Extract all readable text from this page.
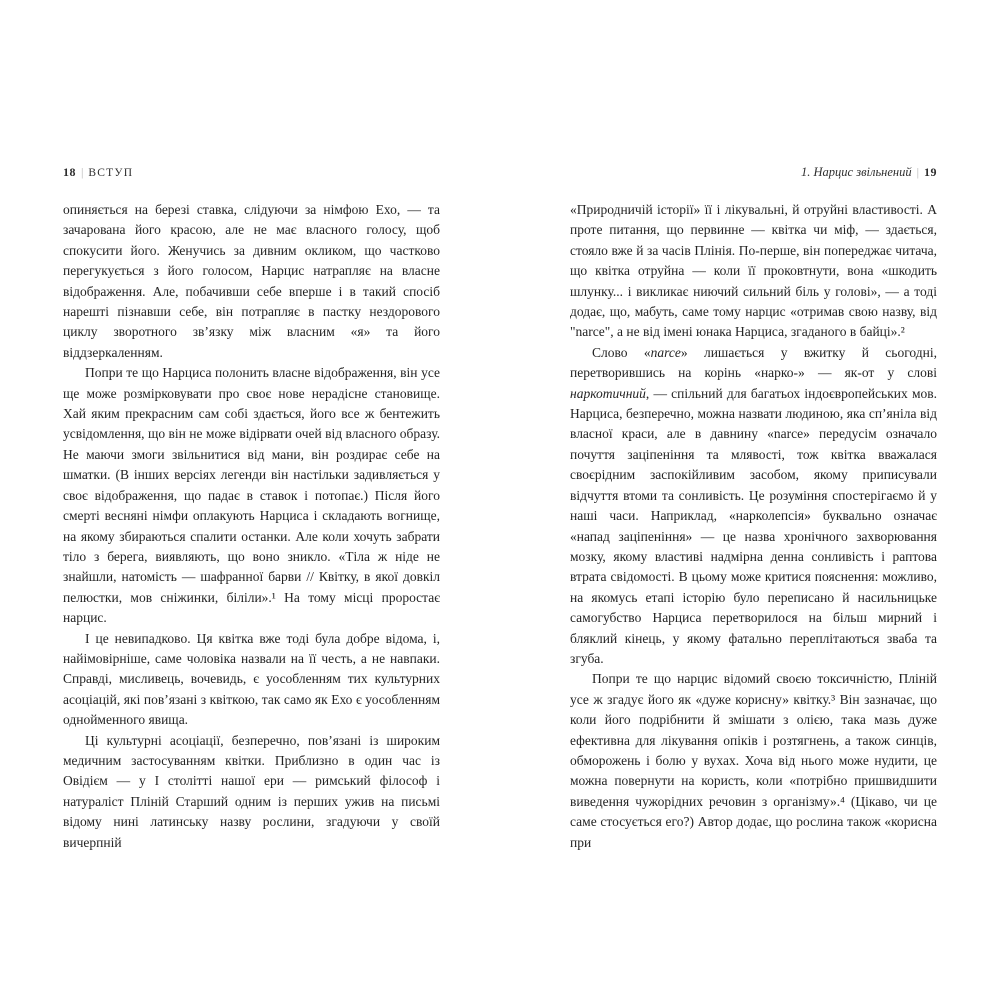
18 | ВСТУП	1. Нарцис звільнений | 19

опиняється на березі ставка, слідуючи за німфою Ехо, — та зачарована його красою, але не має власного голосу, щоб спокусити його. Женучись за дивним окликом, що частково перегукується з його голосом, Нарцис натрапляє на власне відображення. Але, побачивши себе вперше і в такий спосіб нарешті пізнавши себе, він потрапляє в пастку нездорового циклу зворотного зв’язку між власним «я» та його віддзеркаленням.

Попри те що Нарциса полонить власне відображення, він усе ще може розмірковувати про своє нове нерадісне становище. Хай яким прекрасним сам собі здається, його все ж бентежить усвідомлення, що він не може відірвати очей від власного образу. Не маючи змоги звільнитися від мани, він роздирає себе на шматки. (В інших версіях легенди він настільки задивляється у своє відображення, що падає в ставок і потопає.) Після його смерті весняні німфи оплакують Нарциса і складають вогнище, на якому збираються спалити останки. Але коли хочуть забрати тіло з берега, виявляють, що воно зникло. «Тіла ж ніде не знайшли, натомість — шафранної барви // Квітку, в якої довкіл пелюстки, мов сніжинки, біліли».¹ На тому місці проростає нарцис.

І це невипадково. Ця квітка вже тоді була добре відома, і, найімовірніше, саме чоловіка назвали на її честь, а не навпаки. Справді, мисливець, вочевидь, є уособленням тих культурних асоціацій, які пов’язані з квіткою, так само як Ехо є уособленням однойменного явища.

Ці культурні асоціації, безперечно, пов’язані із широким медичним застосуванням квітки. Приблизно в один час із Овідієм — у І столітті нашої ери — римський філософ і натураліст Пліній Старший одним із перших ужив на письмі відому нині латинську назву рослини, згадуючи у своїй вичерпній

«Природничій історії» її і лікувальні, й отруйні властивості. А проте питання, що первинне — квітка чи міф, — здається, стояло вже й за часів Плінія. По-перше, він попереджає читача, що квітка отруйна — коли її проковтнути, вона «шкодить шлунку... і викликає ниючий сильний біль у голові», — а тоді додає, що, мабуть, саме тому нарцис «отримав свою назву, від "narce", а не від імені юнака Нарциса, згаданого в байці».²

Слово «narce» лишається у вжитку й сьогодні, перетворившись на корінь «нарко-» — як-от у слові наркотичний, — спільний для багатьох індоєвропейських мов. Нарциса, безперечно, можна назвати людиною, яка сп’яніла від власної краси, але в давнину «narce» передусім означало почуття заціпеніння та млявості, тож квітка вважалася своєрідним заспокійливим засобом, якому приписували відчуття втоми та сонливість. Це розуміння спостерігаємо й у наші часи. Наприклад, «нарколепсія» буквально означає «напад заціпеніння» — це назва хронічного захворювання мозку, якому властиві надмірна денна сонливість і раптова втрата свідомості. В цьому може критися пояснення: можливо, на якомусь етапі історію було переписано й насильницьке самогубство Нарциса перетворилося на більш мирний і бляклий кінець, у якому фатально переплітаються зваба та згуба.

Попри те що нарцис відомий своєю токсичністю, Пліній усе ж згадує його як «дуже корисну» квітку.³ Він зазначає, що коли його подрібнити й змішати з олією, така мазь дуже ефективна для лікування опіків і розтягнень, а також синців, обморожень і болю у вухах. Хоча від нього може нудити, це можна повернути на користь, коли «потрібно пришвидшити виведення чужорідних речовин з організму».⁴ (Цікаво, чи це саме стосується его?) Автор додає, що рослина також «корисна при
